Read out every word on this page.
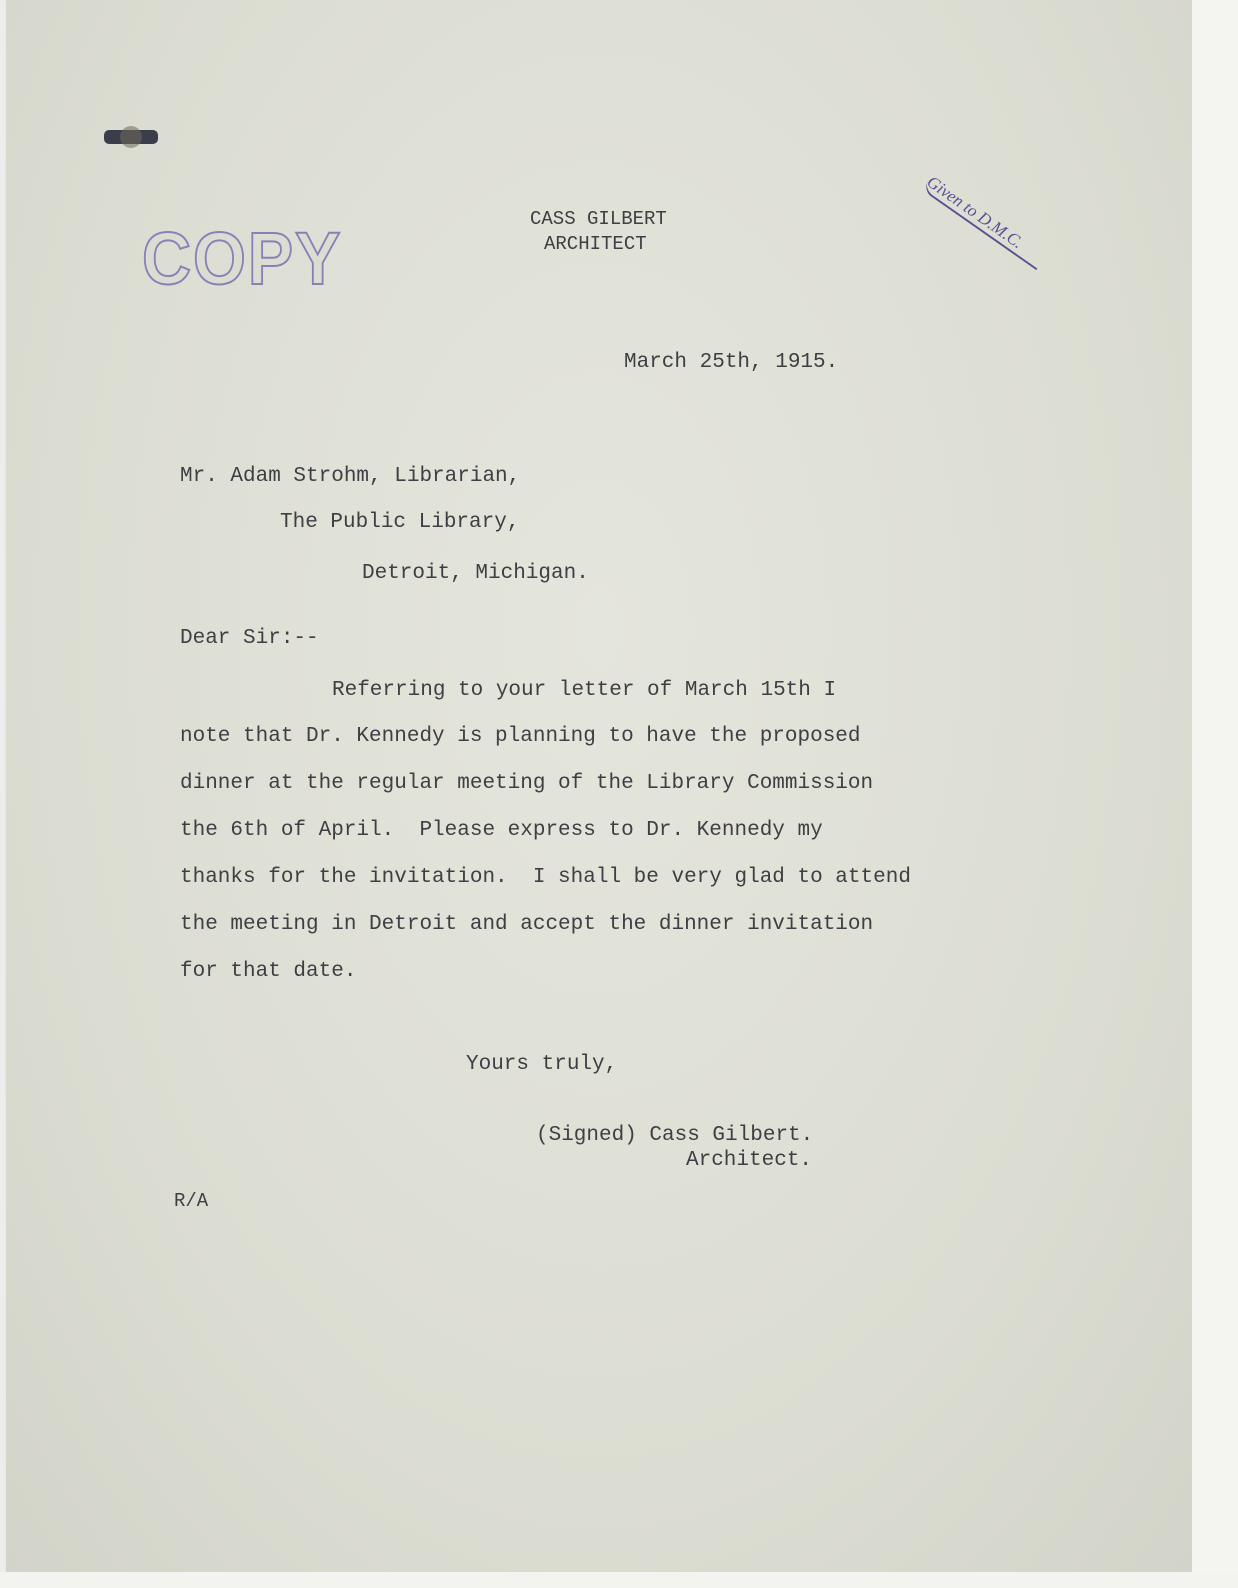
COPY
Given to D.M.C.
CASS GILBERT
ARCHITECT
March 25th, 1915.
Mr. Adam Strohm, Librarian,
The Public Library,
Detroit, Michigan.
Dear Sir:--
Referring to your letter of March 15th I
note that Dr. Kennedy is planning to have the proposed
dinner at the regular meeting of the Library Commission
the 6th of April.  Please express to Dr. Kennedy my
thanks for the invitation.  I shall be very glad to attend
the meeting in Detroit and accept the dinner invitation
for that date.
Yours truly,
(Signed) Cass Gilbert.
Architect.
R/A
